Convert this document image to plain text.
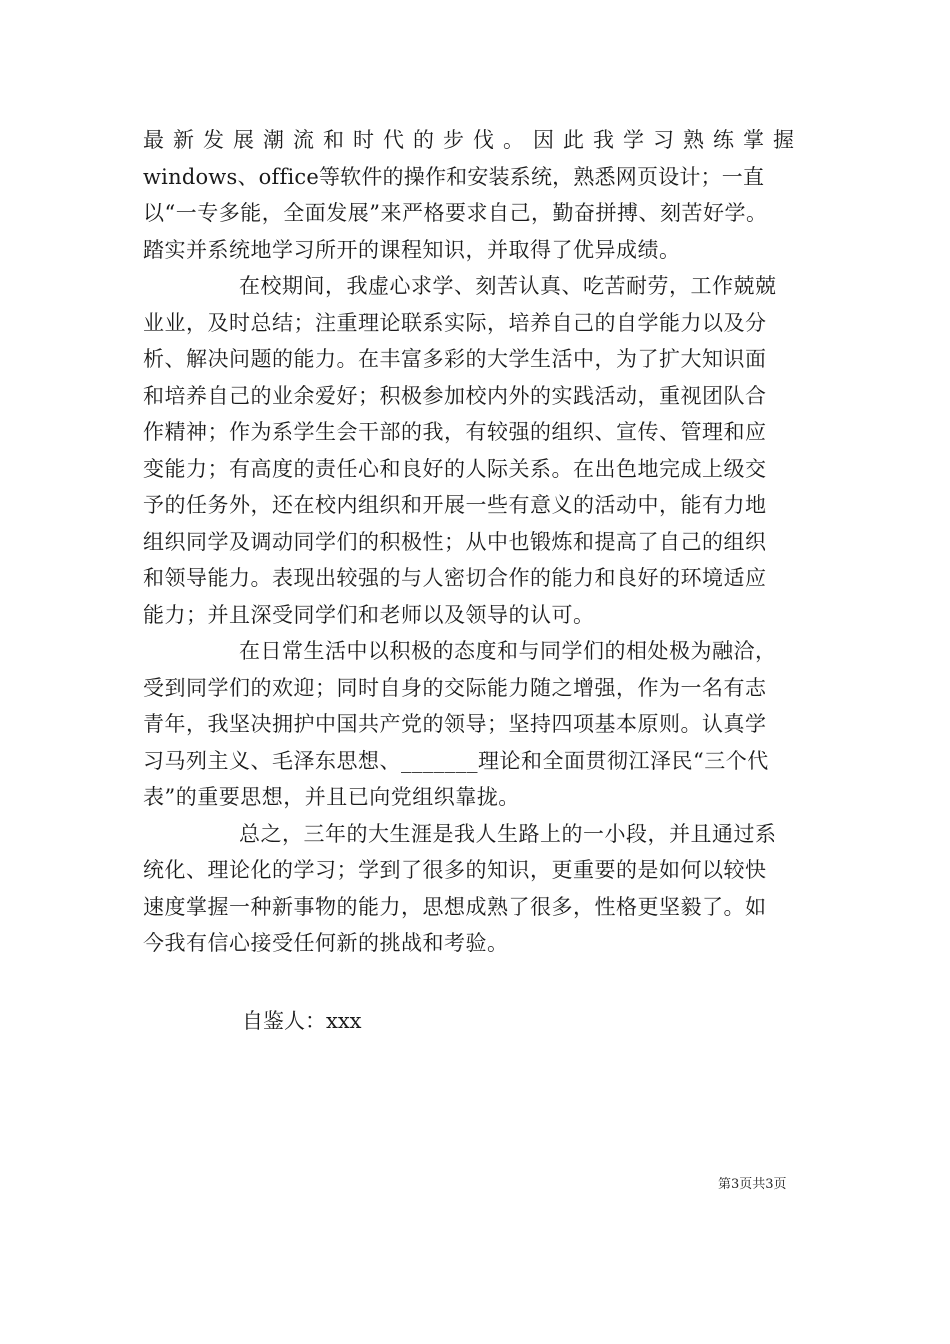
最新发展潮流和时代的步伐。因此我学习熟练掌握
windows、office等软件的操作和安装系统，熟悉网页设计；一直
以“一专多能，全面发展”来严格要求自己，勤奋拼搏、刻苦好学。
踏实并系统地学习所开的课程知识，并取得了优异成绩。
在校期间，我虚心求学、刻苦认真、吃苦耐劳，工作兢兢
业业，及时总结；注重理论联系实际，培养自己的自学能力以及分
析、解决问题的能力。在丰富多彩的大学生活中，为了扩大知识面
和培养自己的业余爱好；积极参加校内外的实践活动，重视团队合
作精神；作为系学生会干部的我，有较强的组织、宣传、管理和应
变能力；有高度的责任心和良好的人际关系。在出色地完成上级交
予的任务外，还在校内组织和开展一些有意义的活动中，能有力地
组织同学及调动同学们的积极性；从中也锻炼和提高了自己的组织
和领导能力。表现出较强的与人密切合作的能力和良好的环境适应
能力；并且深受同学们和老师以及领导的认可。
在日常生活中以积极的态度和与同学们的相处极为融洽，
受到同学们的欢迎；同时自身的交际能力随之增强，作为一名有志
青年，我坚决拥护中国共产党的领导；坚持四项基本原则。认真学
习马列主义、毛泽东思想、_______理论和全面贯彻江泽民“三个代
表”的重要思想，并且已向党组织靠拢。
总之，三年的大生涯是我人生路上的一小段，并且通过系
统化、理论化的学习；学到了很多的知识，更重要的是如何以较快
速度掌握一种新事物的能力，思想成熟了很多，性格更坚毅了。如
今我有信心接受任何新的挑战和考验。
自鉴人：xxx
第3页共3页
